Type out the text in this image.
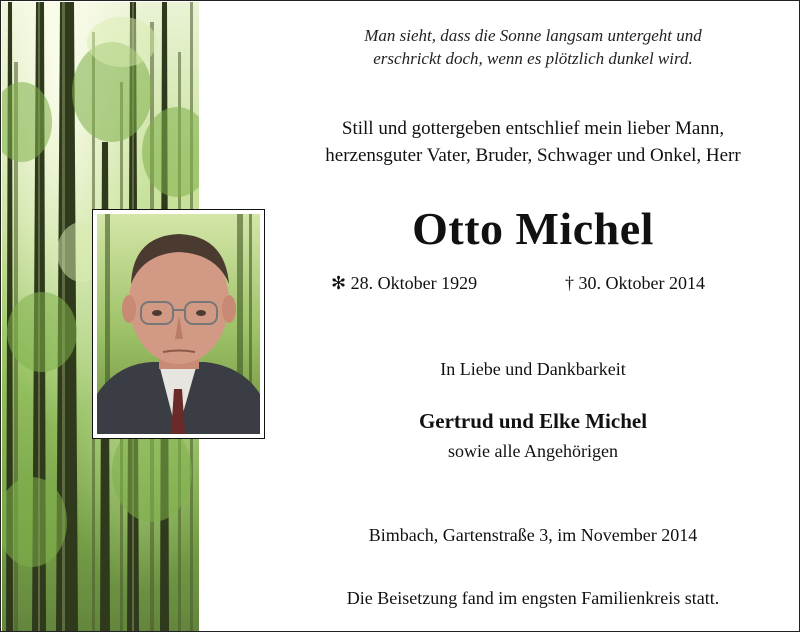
Man sieht, dass die Sonne langsam untergeht und
erschrickt doch, wenn es plötzlich dunkel wird.
Still und gottergeben entschlief mein lieber Mann,
herzensguter Vater, Bruder, Schwager und Onkel, Herr
Otto Michel
✻ 28. Oktober 1929	† 30. Oktober 2014
In Liebe und Dankbarkeit
Gertrud und Elke Michel
sowie alle Angehörigen
Bimbach, Gartenstraße 3, im November 2014
Die Beisetzung fand im engsten Familienkreis statt.
